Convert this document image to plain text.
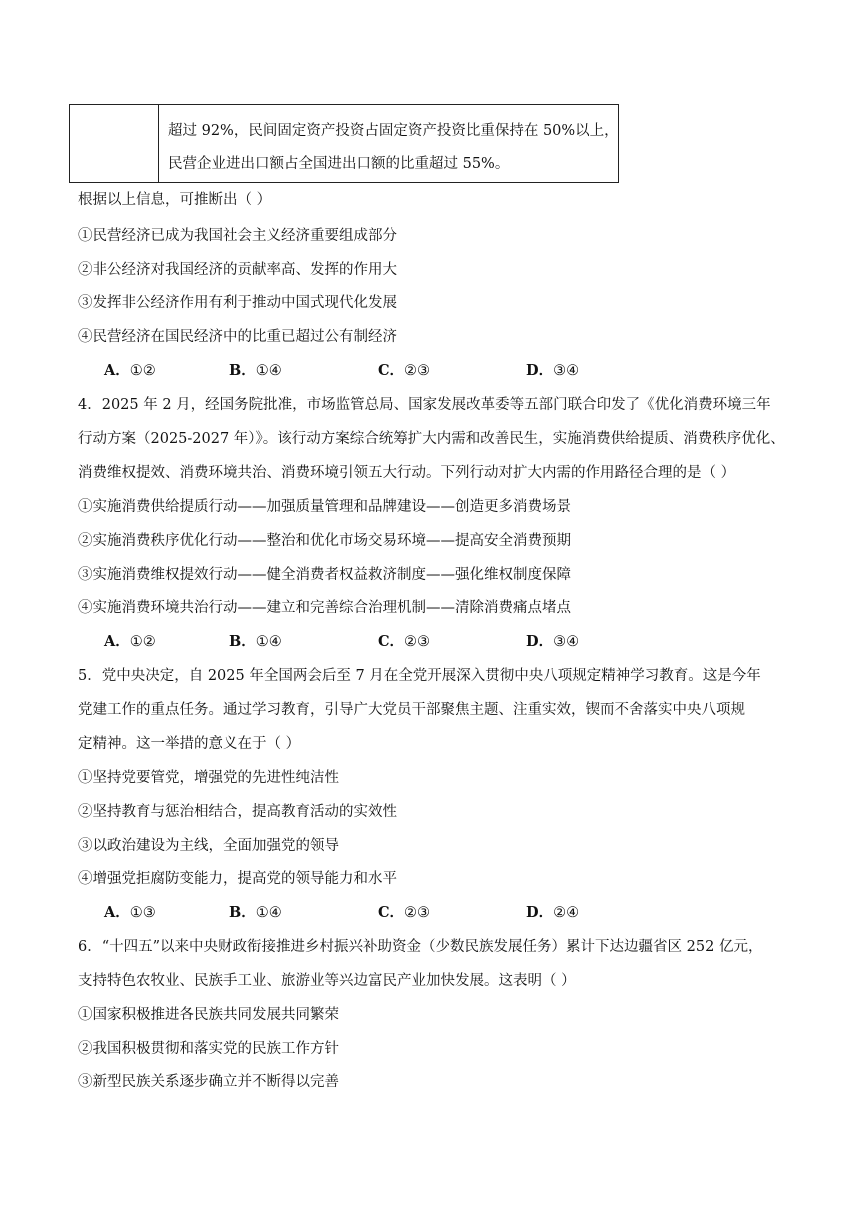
超过 92%，民间固定资产投资占固定资产投资比重保持在 50%以上，
民营企业进出口额占全国进出口额的比重超过 55%。
根据以上信息，可推断出（ ）
①民营经济已成为我国社会主义经济重要组成部分
②非公经济对我国经济的贡献率高、发挥的作用大
③发挥非公经济作用有利于推动中国式现代化发展
④民营经济在国民经济中的比重已超过公有制经济
A．①②	B．①④	C．②③	D．③④
4．2025 年 2 月，经国务院批准，市场监管总局、国家发展改革委等五部门联合印发了《优化消费环境三年
行动方案（2025-2027 年）》。该行动方案综合统筹扩大内需和改善民生，实施消费供给提质、消费秩序优化、
消费维权提效、消费环境共治、消费环境引领五大行动。下列行动对扩大内需的作用路径合理的是（ ）
①实施消费供给提质行动——加强质量管理和品牌建设——创造更多消费场景
②实施消费秩序优化行动——整治和优化市场交易环境——提高安全消费预期
③实施消费维权提效行动——健全消费者权益救济制度——强化维权制度保障
④实施消费环境共治行动——建立和完善综合治理机制——清除消费痛点堵点
A．①②	B．①④	C．②③	D．③④
5．党中央决定，自 2025 年全国两会后至 7 月在全党开展深入贯彻中央八项规定精神学习教育。这是今年
党建工作的重点任务。通过学习教育，引导广大党员干部聚焦主题、注重实效，锲而不舍落实中央八项规
定精神。这一举措的意义在于（ ）
①坚持党要管党，增强党的先进性纯洁性
②坚持教育与惩治相结合，提高教育活动的实效性
③以政治建设为主线，全面加强党的领导
④增强党拒腐防变能力，提高党的领导能力和水平
A．①③	B．①④	C．②③	D．②④
6．“十四五”以来中央财政衔接推进乡村振兴补助资金（少数民族发展任务）累计下达边疆省区 252 亿元，
支持特色农牧业、民族手工业、旅游业等兴边富民产业加快发展。这表明（ ）
①国家积极推进各民族共同发展共同繁荣
②我国积极贯彻和落实党的民族工作方针
③新型民族关系逐步确立并不断得以完善
